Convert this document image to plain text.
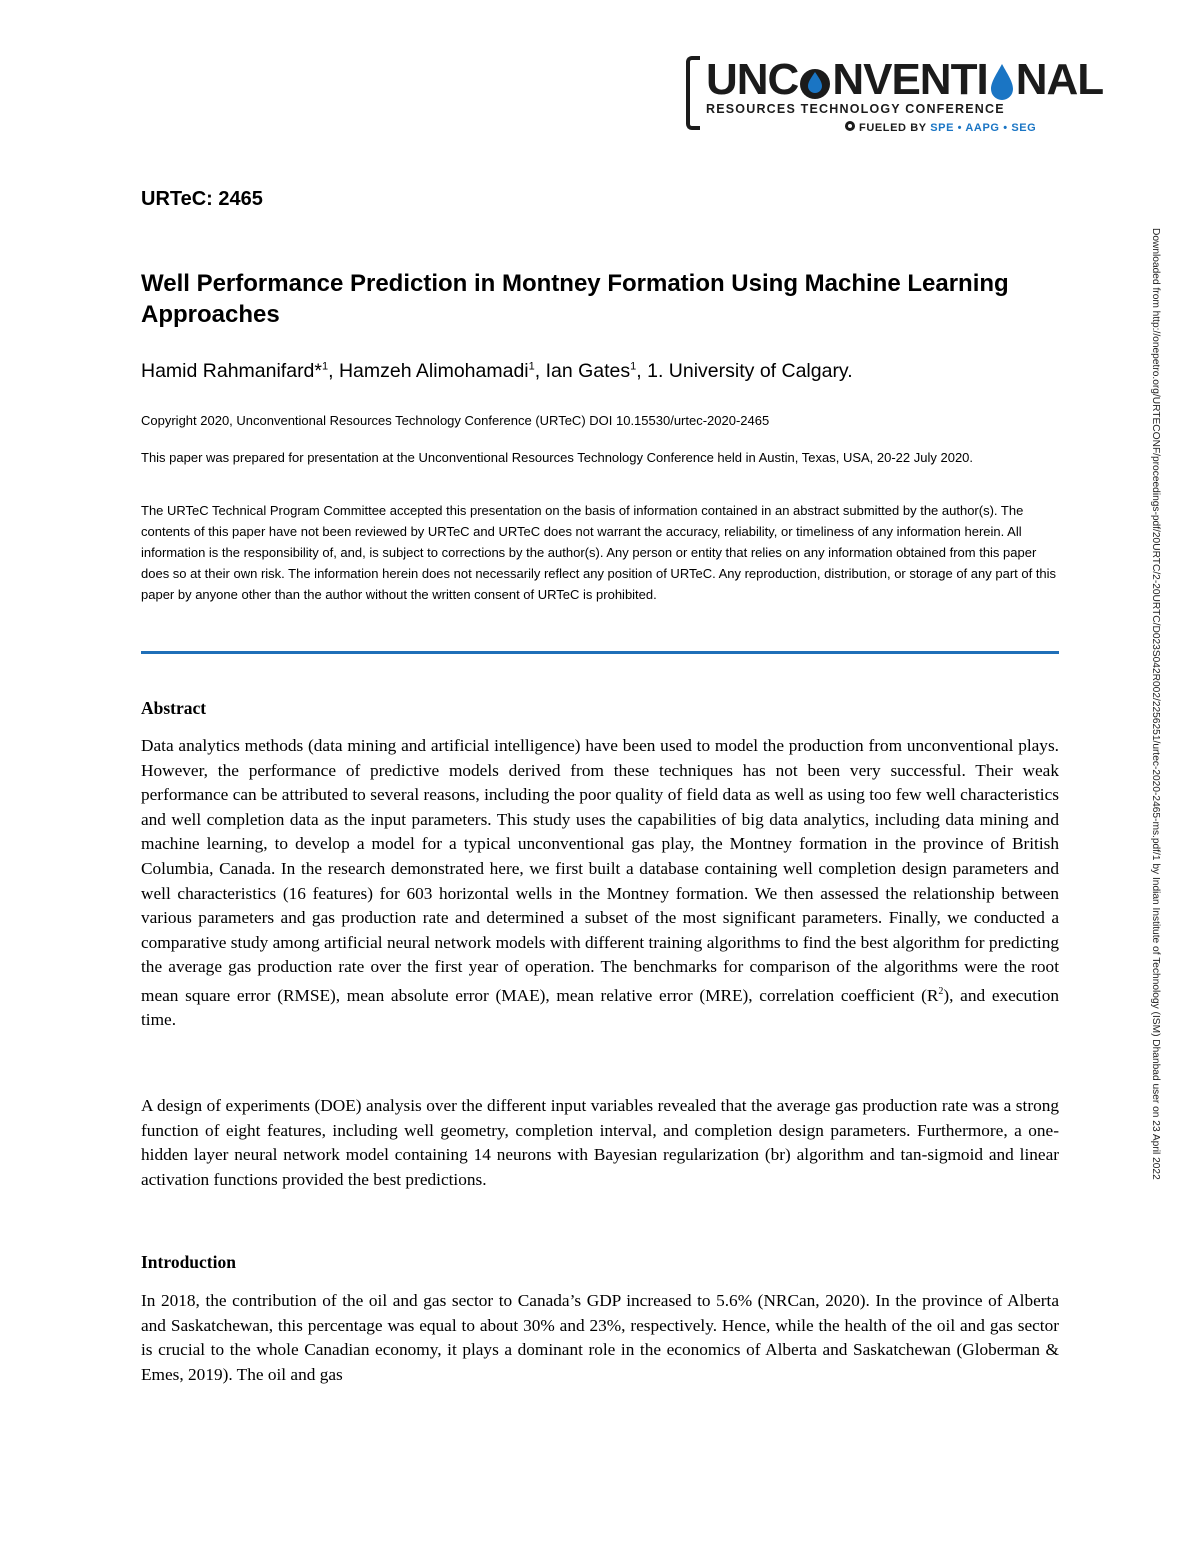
UNC NVENTI NAL
RESOURCES TECHNOLOGY CONFERENCE
FUELED BY SPE • AAPG • SEG
URTeC: 2465
Well Performance Prediction in Montney Formation Using Machine Learning Approaches
Hamid Rahmanifard*$^1$, Hamzeh Alimohamadi$^1$, Ian Gates$^1$, 1. University of Calgary.
Copyright 2020, Unconventional Resources Technology Conference (URTeC) DOI 10.15530/urtec-2020-2465
This paper was prepared for presentation at the Unconventional Resources Technology Conference held in Austin, Texas, USA, 20-22 July 2020.
The URTeC Technical Program Committee accepted this presentation on the basis of information contained in an abstract submitted by the author(s). The contents of this paper have not been reviewed by URTeC and URTeC does not warrant the accuracy, reliability, or timeliness of any information herein. All information is the responsibility of, and, is subject to corrections by the author(s). Any person or entity that relies on any information obtained from this paper does so at their own risk. The information herein does not necessarily reflect any position of URTeC. Any reproduction, distribution, or storage of any part of this paper by anyone other than the author without the written consent of URTeC is prohibited.
Abstract
Data analytics methods (data mining and artificial intelligence) have been used to model the production from unconventional plays. However, the performance of predictive models derived from these techniques has not been very successful. Their weak performance can be attributed to several reasons, including the poor quality of field data as well as using too few well characteristics and well completion data as the input parameters. This study uses the capabilities of big data analytics, including data mining and machine learning, to develop a model for a typical unconventional gas play, the Montney formation in the province of British Columbia, Canada. In the research demonstrated here, we first built a database containing well completion design parameters and well characteristics (16 features) for 603 horizontal wells in the Montney formation. We then assessed the relationship between various parameters and gas production rate and determined a subset of the most significant parameters. Finally, we conducted a comparative study among artificial neural network models with different training algorithms to find the best algorithm for predicting the average gas production rate over the first year of operation. The benchmarks for comparison of the algorithms were the root mean square error (RMSE), mean absolute error (MAE), mean relative error (MRE), correlation coefficient $(R^2)$, and execution time.
A design of experiments (DOE) analysis over the different input variables revealed that the average gas production rate was a strong function of eight features, including well geometry, completion interval, and completion design parameters. Furthermore, a one-hidden layer neural network model containing 14 neurons with Bayesian regularization (br) algorithm and tan-sigmoid and linear activation functions provided the best predictions.
Introduction
In 2018, the contribution of the oil and gas sector to Canada’s GDP increased to 5.6% (NRCan, 2020). In the province of Alberta and Saskatchewan, this percentage was equal to about 30% and 23%, respectively. Hence, while the health of the oil and gas sector is crucial to the whole Canadian economy, it plays a dominant role in the economics of Alberta and Saskatchewan (Globerman & Emes, 2019). The oil and gas
Downloaded from http://onepetro.org/URTECONF/proceedings-pdf/20URTC/2-20URTC/D023S042R002/2256251/urtec-2020-2465-ms.pdf/1 by Indian Institute of Technology (ISM) Dhanbad user on 23 April 2022
